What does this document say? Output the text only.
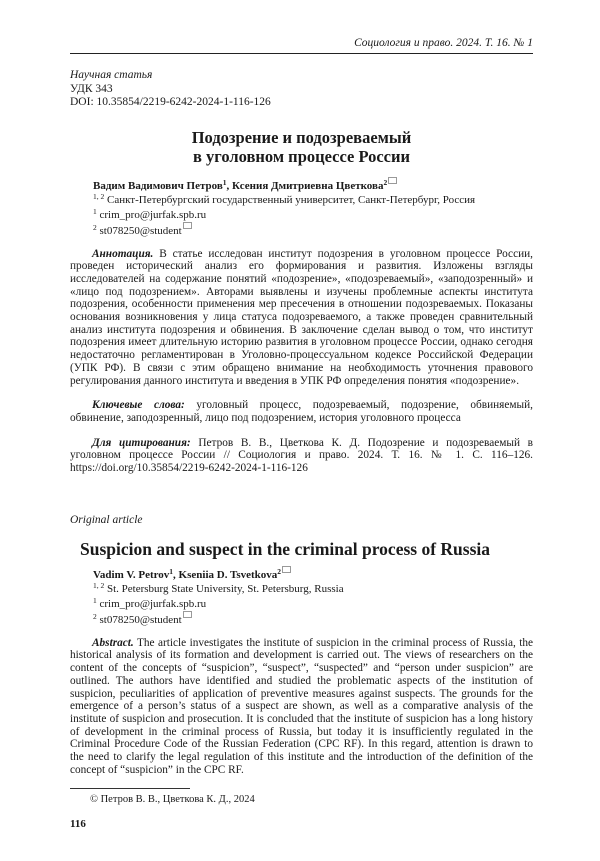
Социология и право. 2024. Т. 16. № 1
Научная статья
УДК 343
DOI: 10.35854/2219-6242-2024-1-116-126
Подозрение и подозреваемый
в уголовном процессе России
Вадим Вадимович Петров1, Ксения Дмитриевна Цветкова2
1, 2 Санкт-Петербургский государственный университет, Санкт-Петербург, Россия
1 crim_pro@jurfak.spb.ru
2 st078250@student
Аннотация. В статье исследован институт подозрения в уголовном процессе России, проведен исторический анализ его формирования и развития. Изложены взгляды исследователей на содержание понятий «подозрение», «подозреваемый», «заподозренный» и «лицо под подозрением». Авторами выявлены и изучены проблемные аспекты института подозрения, особенности применения мер пресечения в отношении подозреваемых. Показаны основания возникновения у лица статуса подозреваемого, а также проведен сравнительный анализ института подозрения и обвинения. В заключение сделан вывод о том, что институт подозрения имеет длительную историю развития в уголовном процессе России, однако сегодня недостаточно регламентирован в Уголовно-процессуальном кодексе Российской Федерации (УПК РФ). В связи с этим обращено внимание на необходимость уточнения правового регулирования данного института и введения в УПК РФ определения понятия «подозрение».
Ключевые слова: уголовный процесс, подозреваемый, подозрение, обвиняемый, обвинение, заподозренный, лицо под подозрением, история уголовного процесса
Для цитирования: Петров В. В., Цветкова К. Д. Подозрение и подозреваемый в уголовном процессе России // Социология и право. 2024. Т. 16. № 1. С. 116–126. https://doi.org/10.35854/2219-6242-2024-1-116-126
Original article
Suspicion and suspect in the criminal process of Russia
Vadim V. Petrov1, Kseniia D. Tsvetkova2
1, 2 St. Petersburg State University, St. Petersburg, Russia
1 crim_pro@jurfak.spb.ru
2 st078250@student
Abstract. The article investigates the institute of suspicion in the criminal process of Russia, the historical analysis of its formation and development is carried out. The views of researchers on the content of the concepts of “suspicion”, “suspect”, “suspected” and “person under suspicion” are outlined. The authors have identified and studied the problematic aspects of the institution of suspicion, peculiarities of application of preventive measures against suspects. The grounds for the emergence of a person’s status of a suspect are shown, as well as a comparative analysis of the institute of suspicion and prosecution. It is concluded that the institute of suspicion has a long history of development in the criminal process of Russia, but today it is insufficiently regulated in the Criminal Procedure Code of the Russian Federation (CPC RF). In this regard, attention is drawn to the need to clarify the legal regulation of this institute and the introduction of the definition of the concept of “suspicion” in the CPC RF.
© Петров В. В., Цветкова К. Д., 2024
116
